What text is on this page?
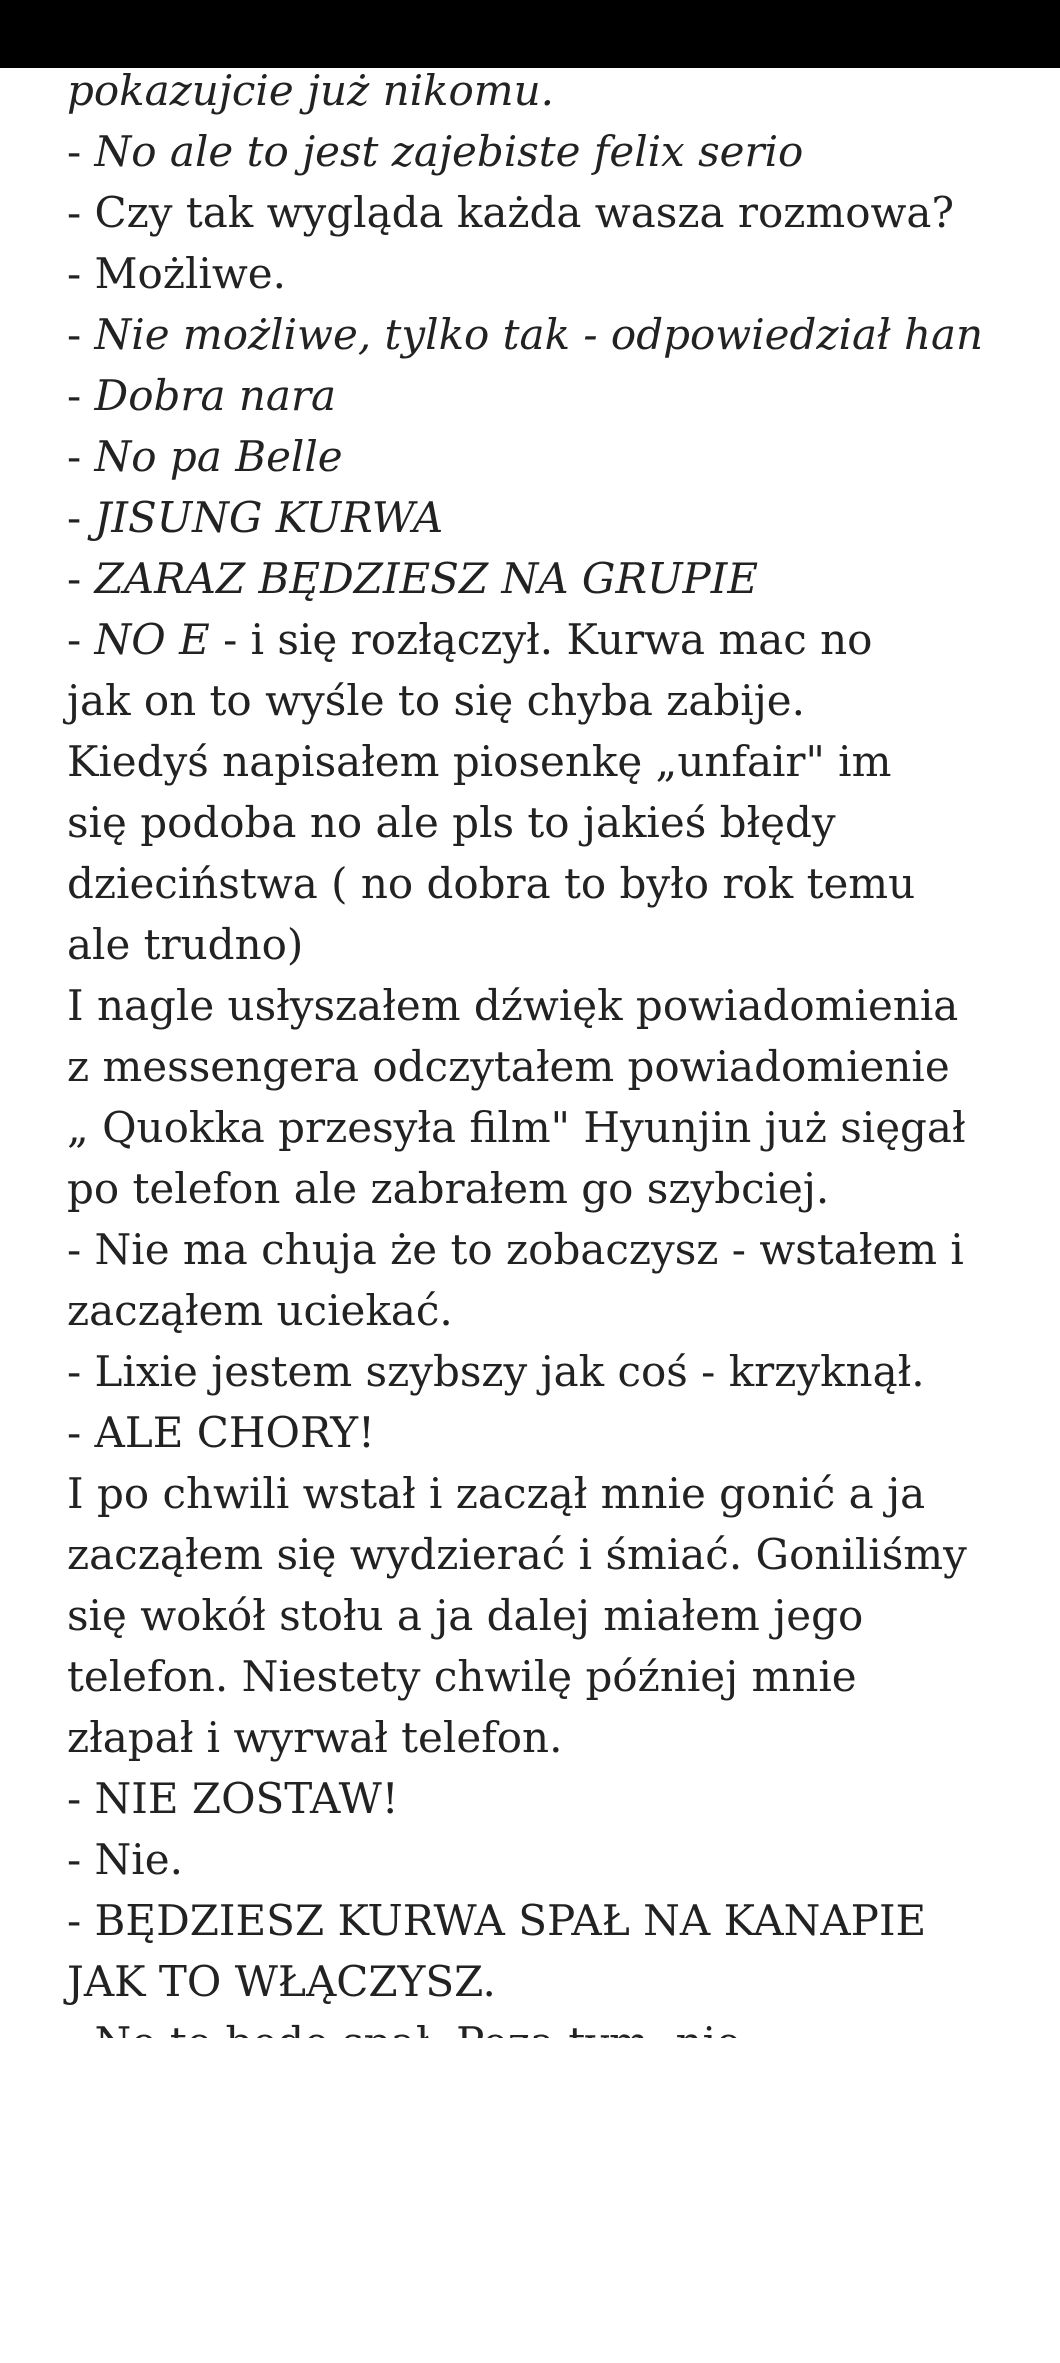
pokazujcie już nikomu.
- No ale to jest zajebiste felix serio
- Czy tak wygląda każda wasza rozmowa?
- Możliwe.
- Nie możliwe, tylko tak - odpowiedział han
- Dobra nara
- No pa Belle
- JISUNG KURWA
- ZARAZ BĘDZIESZ NA GRUPIE
- NO E - i się rozłączył. Kurwa mac no
jak on to wyśle to się chyba zabije.
Kiedyś napisałem piosenkę „unfair" im
się podoba no ale pls to jakieś błędy
dzieciństwa ( no dobra to było rok temu
ale trudno)
I nagle usłyszałem dźwięk powiadomienia
z messengera odczytałem powiadomienie
„ Quokka przesyła film" Hyunjin już sięgał
po telefon ale zabrałem go szybciej.
- Nie ma chuja że to zobaczysz - wstałem i
zacząłem uciekać.
- Lixie jestem szybszy jak coś - krzyknął.
- ALE CHORY!
I po chwili wstał i zaczął mnie gonić a ja
zacząłem się wydzierać i śmiać. Goniliśmy
się wokół stołu a ja dalej miałem jego
telefon. Niestety chwilę później mnie
złapał i wyrwał telefon.
- NIE ZOSTAW!
- Nie.
- BĘDZIESZ KURWA SPAŁ NA KANAPIE
JAK TO WŁĄCZYSZ.
